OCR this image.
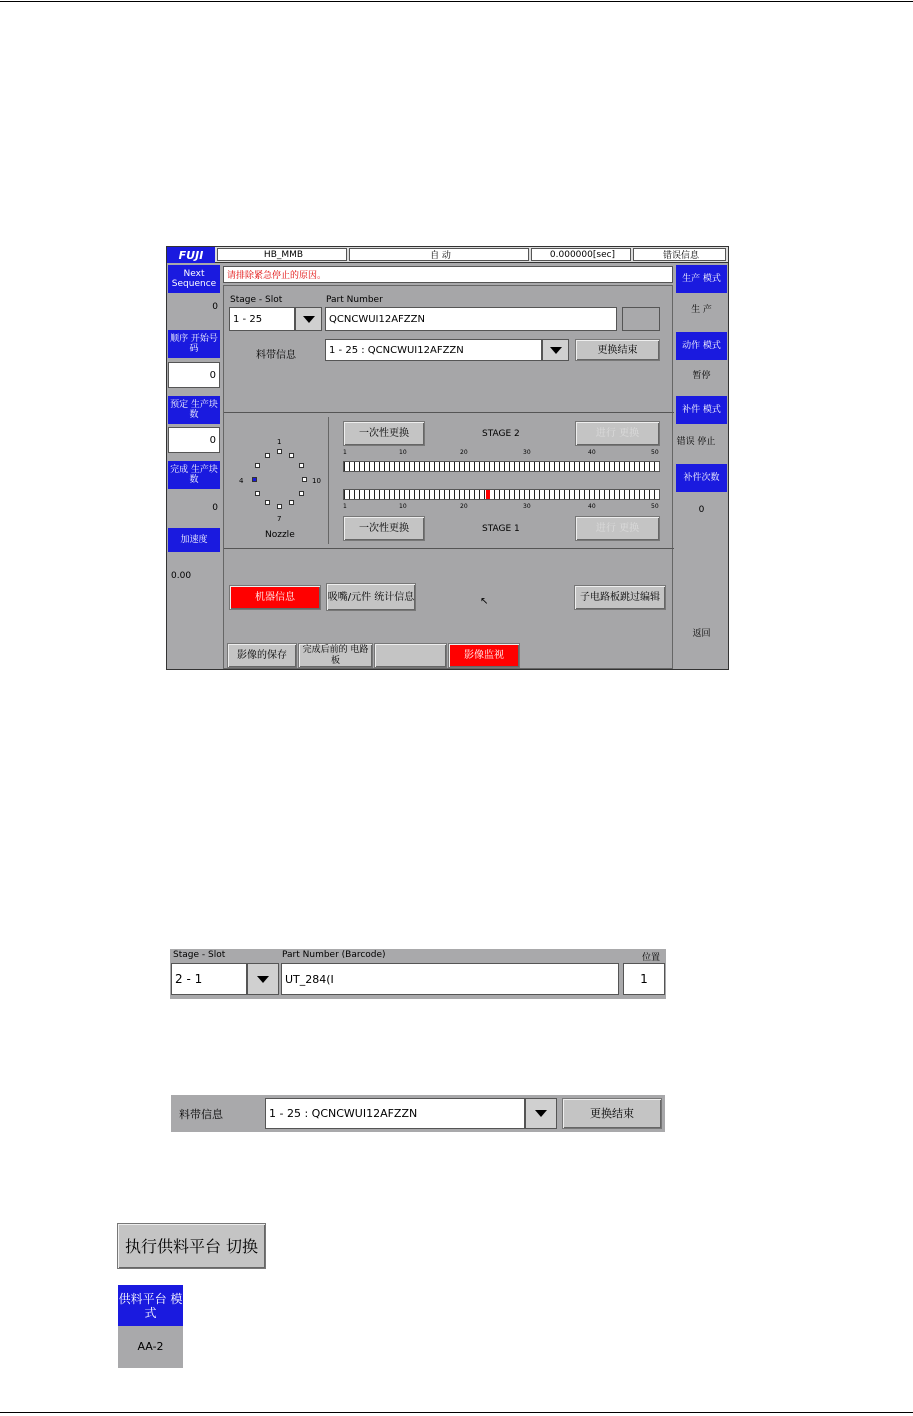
FUJI	HB_MMB	自 动	0.000000[sec]	错误信息
Next Sequence
0
顺序 开始号码
0
预定 生产块数
0
完成 生产块数
0
加速度
0.00
生产 模式
生 产
动作 模式
暂停
补件 模式
错误 停止
补件次数
0
返回
请排除紧急停止的原因。
Stage - Slot	Part Number
1 - 25	QCNCWUI12AFZZN
料带信息	1 - 25 : QCNCWUI12AFZZN	更换结束
1
4	10
7
Nozzle
一次性更换	STAGE 2	进行 更换
1	10	20	30	40	50
1	10	20	30	40	50
一次性更换	STAGE 1	进行 更换
机器信息	吸嘴/元件 统计信息	↖	子电路板跳过编辑
影像的保存
完成后前的 电路板	影像监视
Stage - Slot	Part Number (Barcode)	位置
2 - 1	UT_284(I	1
料带信息	1 - 25 : QCNCWUI12AFZZN	更换结束
执行供料平台 切换
供料平台 模式
AA-2
